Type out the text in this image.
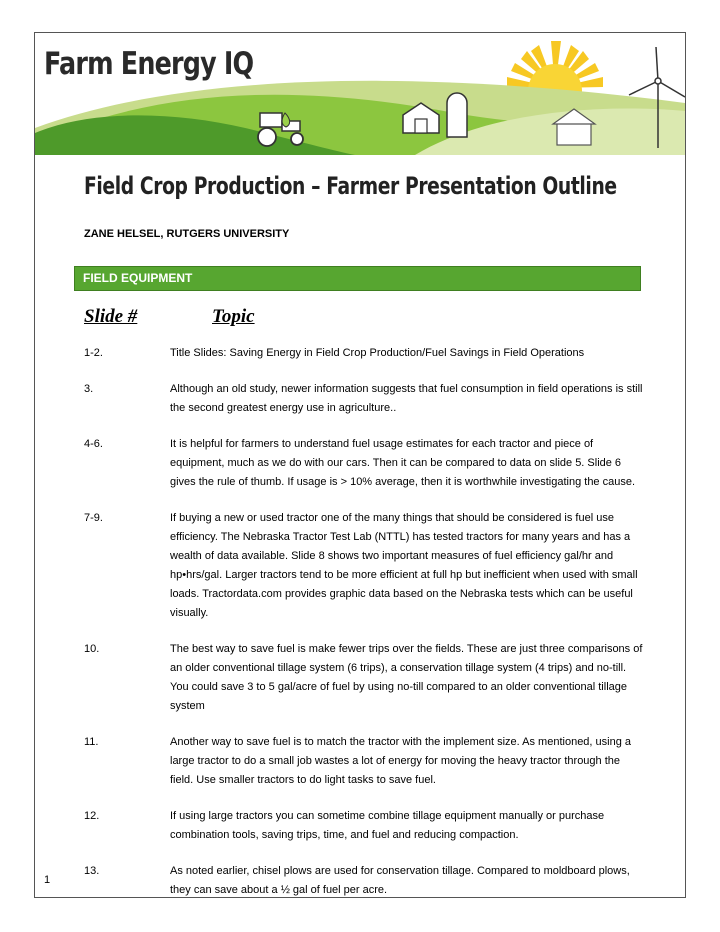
Farm Energy IQ
Field Crop Production – Farmer Presentation Outline

ZANE HELSEL, RUTGERS UNIVERSITY

FIELD EQUIPMENT

Slide #	Topic

1-2.	Title Slides: Saving Energy in Field Crop Production/Fuel Savings in Field Operations
3.	Although an old study, newer information suggests that fuel consumption in field operations is still the second greatest energy use in agriculture..
4-6.	It is helpful for farmers to understand fuel usage estimates for each tractor and piece of equipment, much as we do with our cars. Then it can be compared to data on slide 5. Slide 6 gives the rule of thumb. If usage is > 10% average, then it is worthwhile investigating the cause.
7-9.	If buying a new or used tractor one of the many things that should be considered is fuel use efficiency. The Nebraska Tractor Test Lab (NTTL) has tested tractors for many years and has a wealth of data available. Slide 8 shows two important measures of fuel efficiency gal/hr and hp•hrs/gal. Larger tractors tend to be more efficient at full hp but inefficient when used with small loads. Tractordata.com provides graphic data based on the Nebraska tests which can be useful visually.
10.	The best way to save fuel is make fewer trips over the fields. These are just three comparisons of an older conventional tillage system (6 trips), a conservation tillage system (4 trips) and no-till. You could save 3 to 5 gal/acre of fuel by using no-till compared to an older conventional tillage system
11.	Another way to save fuel is to match the tractor with the implement size. As mentioned, using a large tractor to do a small job wastes a lot of energy for moving the heavy tractor through the field. Use smaller tractors to do light tasks to save fuel.
12.	If using large tractors you can sometime combine tillage equipment manually or purchase combination tools, saving trips, time, and fuel and reducing compaction.
13.	As noted earlier, chisel plows are used for conservation tillage. Compared to moldboard plows, they can save about a ½ gal of fuel per acre.

1
